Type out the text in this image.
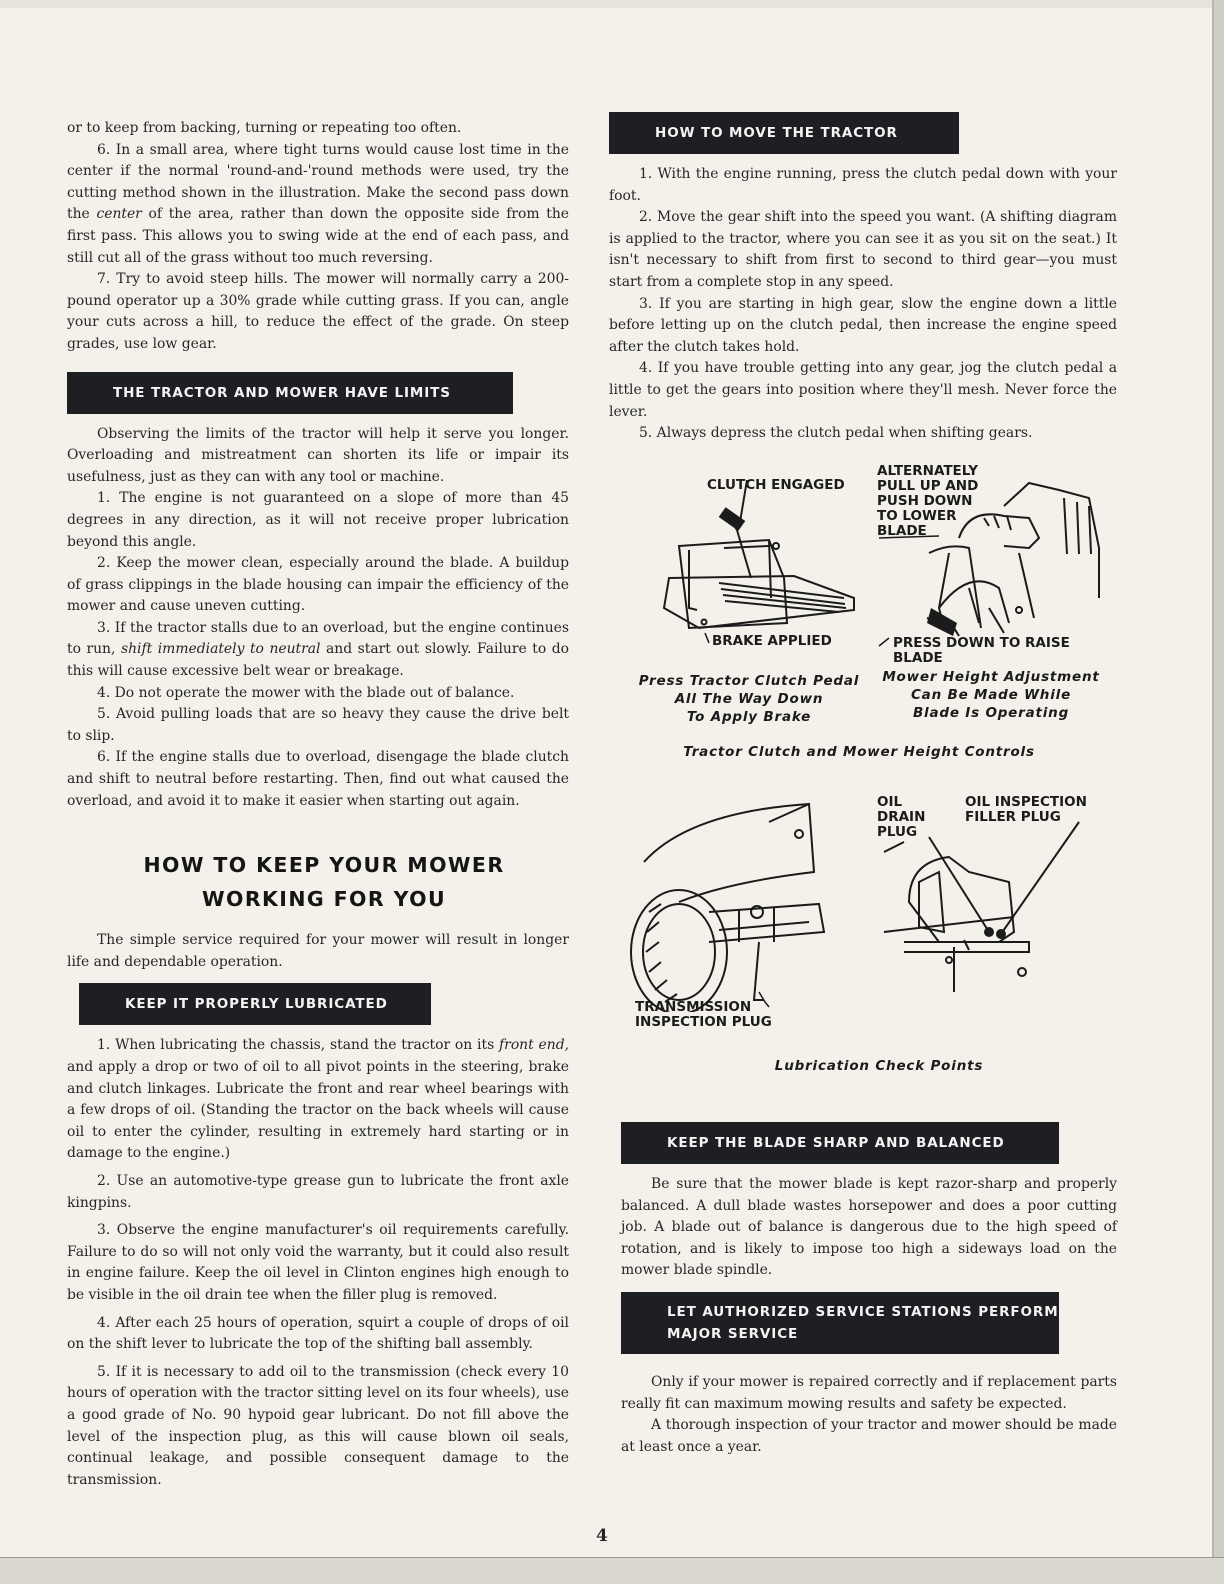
or to keep from backing, turning or repeating too often.

6. In a small area, where tight turns would cause lost time in the center if the normal 'round-and-'round methods were used, try the cutting method shown in the illustration. Make the second pass down the center of the area, rather than down the opposite side from the first pass. This allows you to swing wide at the end of each pass, and still cut all of the grass without too much reversing.

7. Try to avoid steep hills. The mower will normally carry a 200-pound operator up a 30% grade while cutting grass. If you can, angle your cuts across a hill, to reduce the effect of the grade. On steep grades, use low gear.

THE TRACTOR AND MOWER HAVE LIMITS

Observing the limits of the tractor will help it serve you longer. Overloading and mistreatment can shorten its life or impair its usefulness, just as they can with any tool or machine.

1. The engine is not guaranteed on a slope of more than 45 degrees in any direction, as it will not receive proper lubrication beyond this angle.

2. Keep the mower clean, especially around the blade. A buildup of grass clippings in the blade housing can impair the efficiency of the mower and cause uneven cutting.

3. If the tractor stalls due to an overload, but the engine continues to run, shift immediately to neutral and start out slowly. Failure to do this will cause excessive belt wear or breakage.

4. Do not operate the mower with the blade out of balance.

5. Avoid pulling loads that are so heavy they cause the drive belt to slip.

6. If the engine stalls due to overload, disengage the blade clutch and shift to neutral before restarting. Then, find out what caused the overload, and avoid it to make it easier when starting out again.

HOW TO KEEP YOUR MOWER
WORKING FOR YOU

The simple service required for your mower will result in longer life and dependable operation.

KEEP IT PROPERLY LUBRICATED

1. When lubricating the chassis, stand the tractor on its front end, and apply a drop or two of oil to all pivot points in the steering, brake and clutch linkages. Lubricate the front and rear wheel bearings with a few drops of oil. (Standing the tractor on the back wheels will cause oil to enter the cylinder, resulting in extremely hard starting or in damage to the engine.)

2. Use an automotive-type grease gun to lubricate the front axle kingpins.

3. Observe the engine manufacturer's oil requirements carefully. Failure to do so will not only void the warranty, but it could also result in engine failure. Keep the oil level in Clinton engines high enough to be visible in the oil drain tee when the filler plug is removed.

4. After each 25 hours of operation, squirt a couple of drops of oil on the shift lever to lubricate the top of the shifting ball assembly.

5. If it is necessary to add oil to the transmission (check every 10 hours of operation with the tractor sitting level on its four wheels), use a good grade of No. 90 hypoid gear lubricant. Do not fill above the level of the inspection plug, as this will cause blown oil seals, continual leakage, and possible consequent damage to the transmission.

HOW TO MOVE THE TRACTOR

1. With the engine running, press the clutch pedal down with your foot.

2. Move the gear shift into the speed you want. (A shifting diagram is applied to the tractor, where you can see it as you sit on the seat.) It isn't necessary to shift from first to second to third gear—you must start from a complete stop in any speed.

3. If you are starting in high gear, slow the engine down a little before letting up on the clutch pedal, then increase the engine speed after the clutch takes hold.

4. If you have trouble getting into any gear, jog the clutch pedal a little to get the gears into position where they'll mesh. Never force the lever.

5. Always depress the clutch pedal when shifting gears.

CLUTCH ENGAGED
ALTERNATELY
PULL UP AND
PUSH DOWN
TO LOWER
BLADE
BRAKE APPLIED	PRESS DOWN TO RAISE BLADE
Press Tractor Clutch Pedal
All The Way Down
To Apply Brake
Mower Height Adjustment
Can Be Made While
Blade Is Operating
Tractor Clutch and Mower Height Controls
OIL
DRAIN
PLUG
OIL INSPECTION
FILLER PLUG
TRANSMISSION
INSPECTION PLUG
Lubrication Check Points
KEEP THE BLADE SHARP AND BALANCED

Be sure that the mower blade is kept razor-sharp and properly balanced. A dull blade wastes horsepower and does a poor cutting job. A blade out of balance is dangerous due to the high speed of rotation, and is likely to impose too high a sideways load on the mower blade spindle.

LET AUTHORIZED SERVICE STATIONS PERFORM
MAJOR SERVICE

Only if your mower is repaired correctly and if replacement parts really fit can maximum mowing results and safety be expected.

A thorough inspection of your tractor and mower should be made at least once a year.

4
